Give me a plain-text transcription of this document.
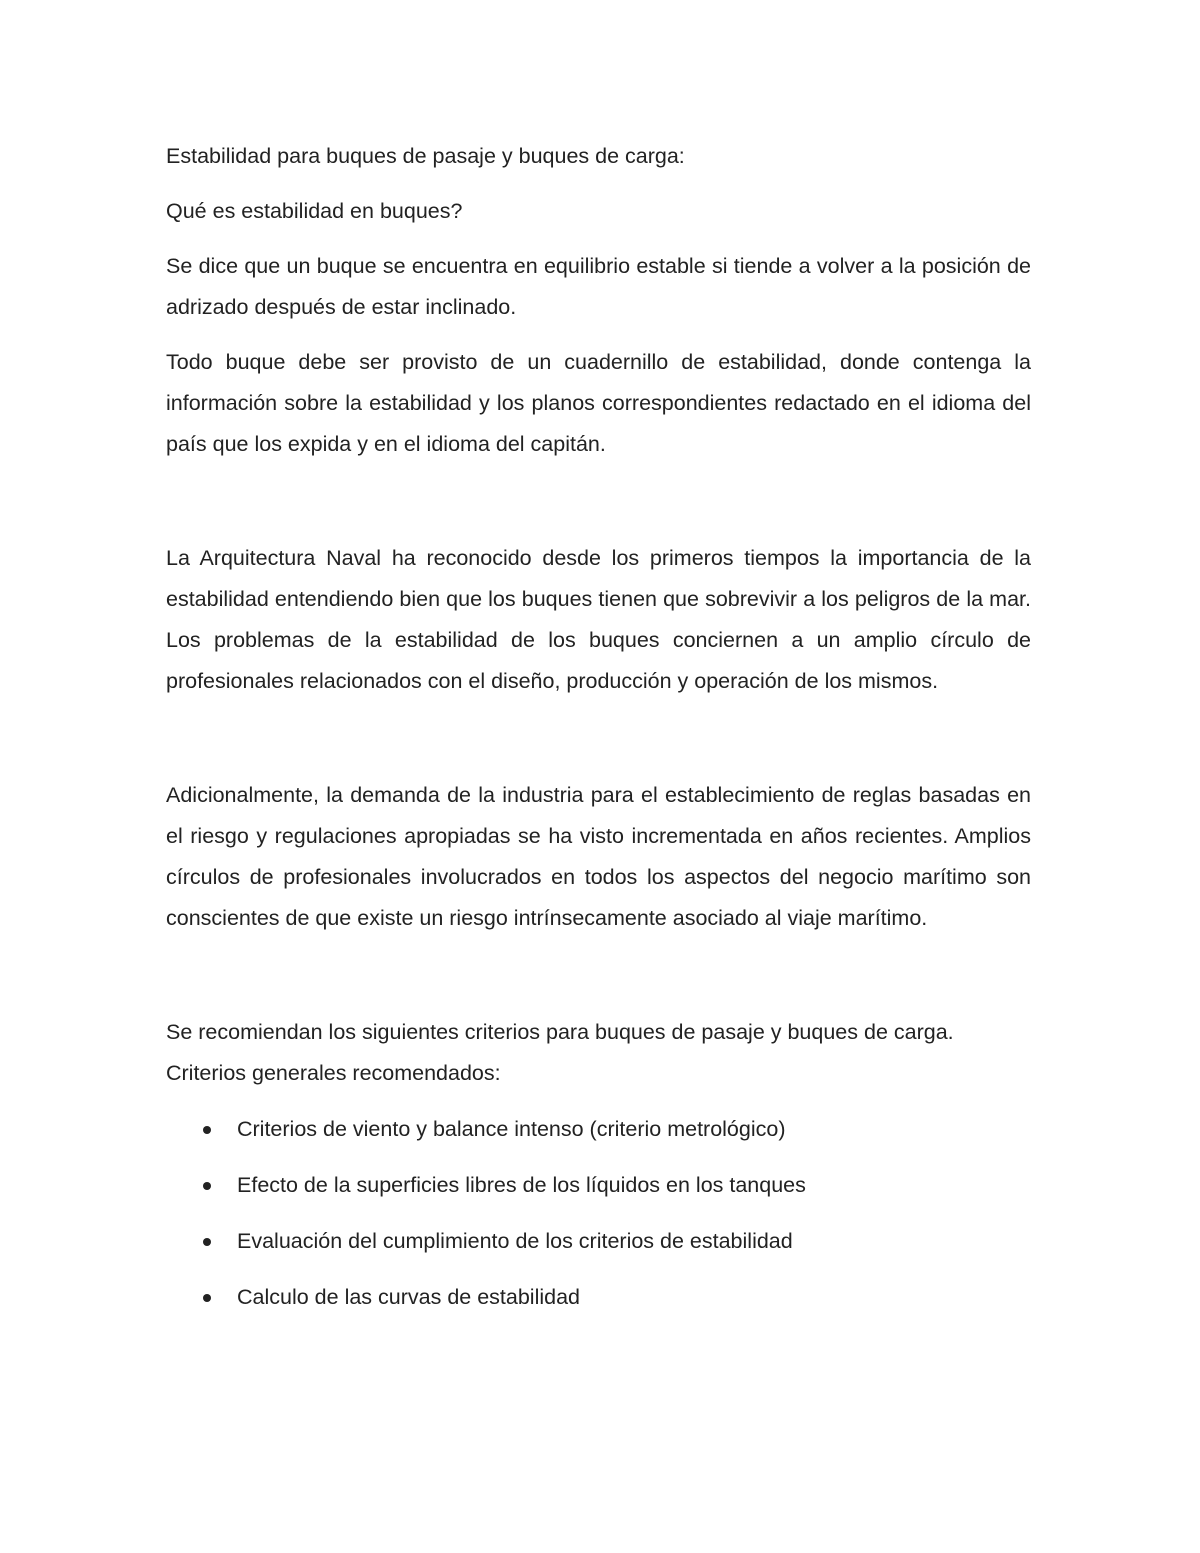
Estabilidad para buques de pasaje y buques de carga:

Qué es estabilidad en buques?

Se dice que un buque se encuentra en equilibrio estable si tiende a volver a la posición de adrizado después de estar inclinado.

Todo buque debe ser provisto de un cuadernillo de estabilidad, donde contenga la información sobre la estabilidad y los planos correspondientes redactado en el idioma del país que los expida y en el idioma del capitán.

La Arquitectura Naval ha reconocido desde los primeros tiempos la importancia de la estabilidad entendiendo bien que los buques tienen que sobrevivir a los peligros de la mar. Los problemas de la estabilidad de los buques conciernen a un amplio círculo de profesionales relacionados con el diseño, producción y operación de los mismos.

Adicionalmente, la demanda de la industria para el establecimiento de reglas basadas en el riesgo y regulaciones apropiadas se ha visto incrementada en años recientes. Amplios círculos de profesionales involucrados en todos los aspectos del negocio marítimo son conscientes de que existe un riesgo intrínsecamente asociado al viaje marítimo.

Se recomiendan los siguientes criterios para buques de pasaje y buques de carga.

Criterios generales recomendados:

Criterios de viento y balance intenso (criterio metrológico)
Efecto de la superficies libres de los líquidos en los tanques
Evaluación del cumplimiento de los criterios de estabilidad
Calculo de las curvas de estabilidad
